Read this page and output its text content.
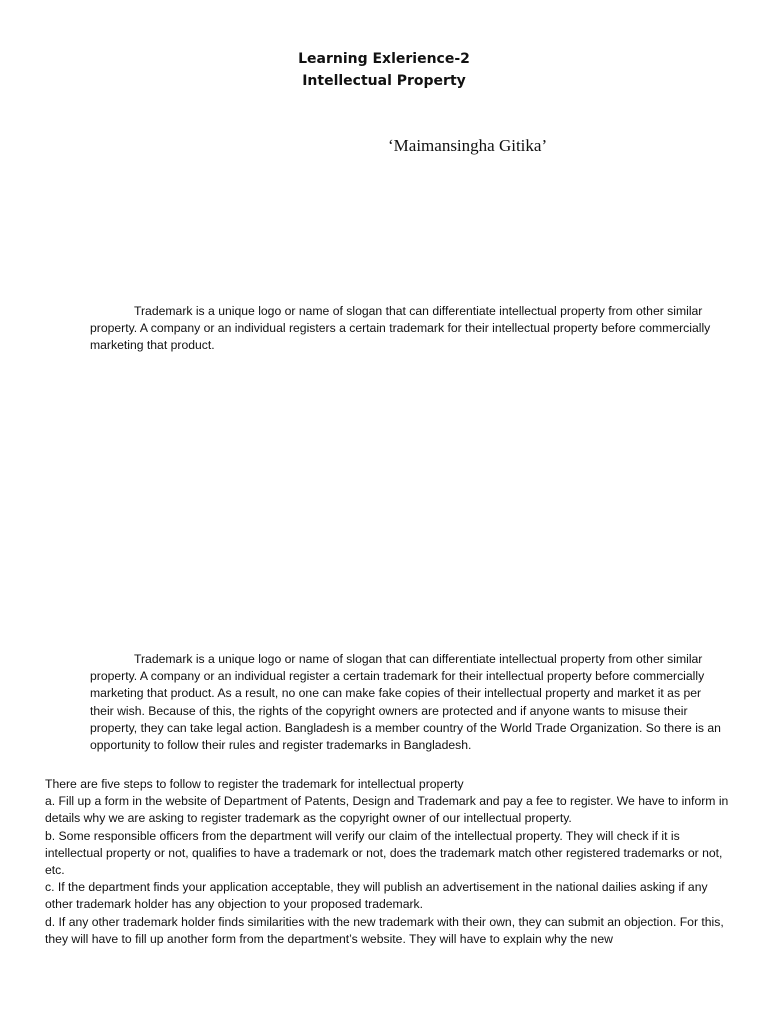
Learning Exlerience-2
Intellectual Property
‘Maimansingha Gitika’

Trademark is a unique logo or name of slogan that can differentiate intellectual property from other similar property. A company or an individual registers a certain trademark for their intellectual property before commercially marketing that product.

Trademark is a unique logo or name of slogan that can differentiate intellectual property from other similar property. A company or an individual register a certain trademark for their intellectual property before commercially marketing that product. As a result, no one can make fake copies of their intellectual property and market it as per their wish. Because of this, the rights of the copyright owners are protected and if anyone wants to misuse their property, they can take legal action. Bangladesh is a member country of the World Trade Organization. So there is an opportunity to follow their rules and register trademarks in Bangladesh.

There are five steps to follow to register the trademark for intellectual property
a. Fill up a form in the website of Department of Patents, Design and Trademark and pay a fee to register. We have to inform in details why we are asking to register trademark as the copyright owner of our intellectual property.
b. Some responsible officers from the department will verify our claim of the intellectual property. They will check if it is intellectual property or not, qualifies to have a trademark or not, does the trademark match other registered trademarks or not, etc.
c. If the department finds your application acceptable, they will publish an advertisement in the national dailies asking if any other trademark holder has any objection to your proposed trademark.
d. If any other trademark holder finds similarities with the new trademark with their own, they can submit an objection. For this, they will have to fill up another form from the department’s website. They will have to explain why the new
